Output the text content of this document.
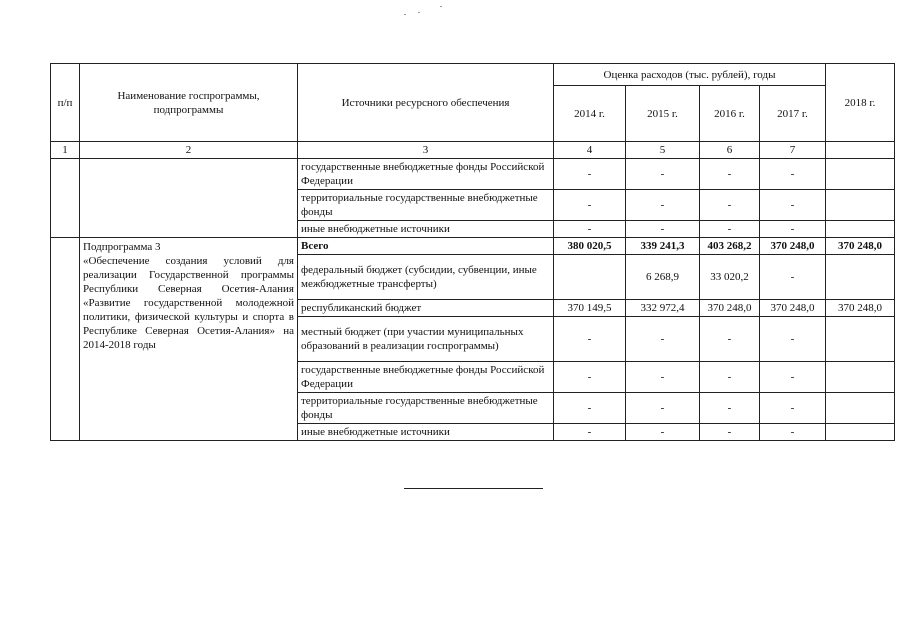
п/п	Наименование госпрограммы, подпрограммы	Источники ресурсного обеспечения	Оценка расходов (тыс. рублей), годы				2018 г.
			2014 г.	2015 г.	2016 г.	2017 г.	
1	2	3	4	5	6	7	
		государственные внебюджетные фонды Российской Федерации	-	-	-	-	
		территориальные государственные внебюджетные фонды	-	-	-	-	
		иные внебюджетные источники	-	-	-	-	

	Подпрограмма 3
«Обеспечение создания условий для реализации Государственной программы Республики Северная Осетия-Алания «Развитие государственной молодежной политики, физической культуры и спорта в Республике Северная Осетия-Алания» на 2014-2018 годы	Всего	380 020,5	339 241,3	403 268,2	370 248,0	370 248,0
		федеральный бюджет (субсидии, субвенции, иные межбюджетные трансферты)		6 268,9	33 020,2	-	
		республиканский бюджет	370 149,5	332 972,4	370 248,0	370 248,0	370 248,0
		местный бюджет (при участии муниципальных образований в реализации госпрограммы)	-	-	-	-	
		государственные внебюджетные фонды Российской Федерации	-	-	-	-	
		территориальные государственные внебюджетные фонды	-	-	-	-	
		иные внебюджетные источники	-	-	-	-	
